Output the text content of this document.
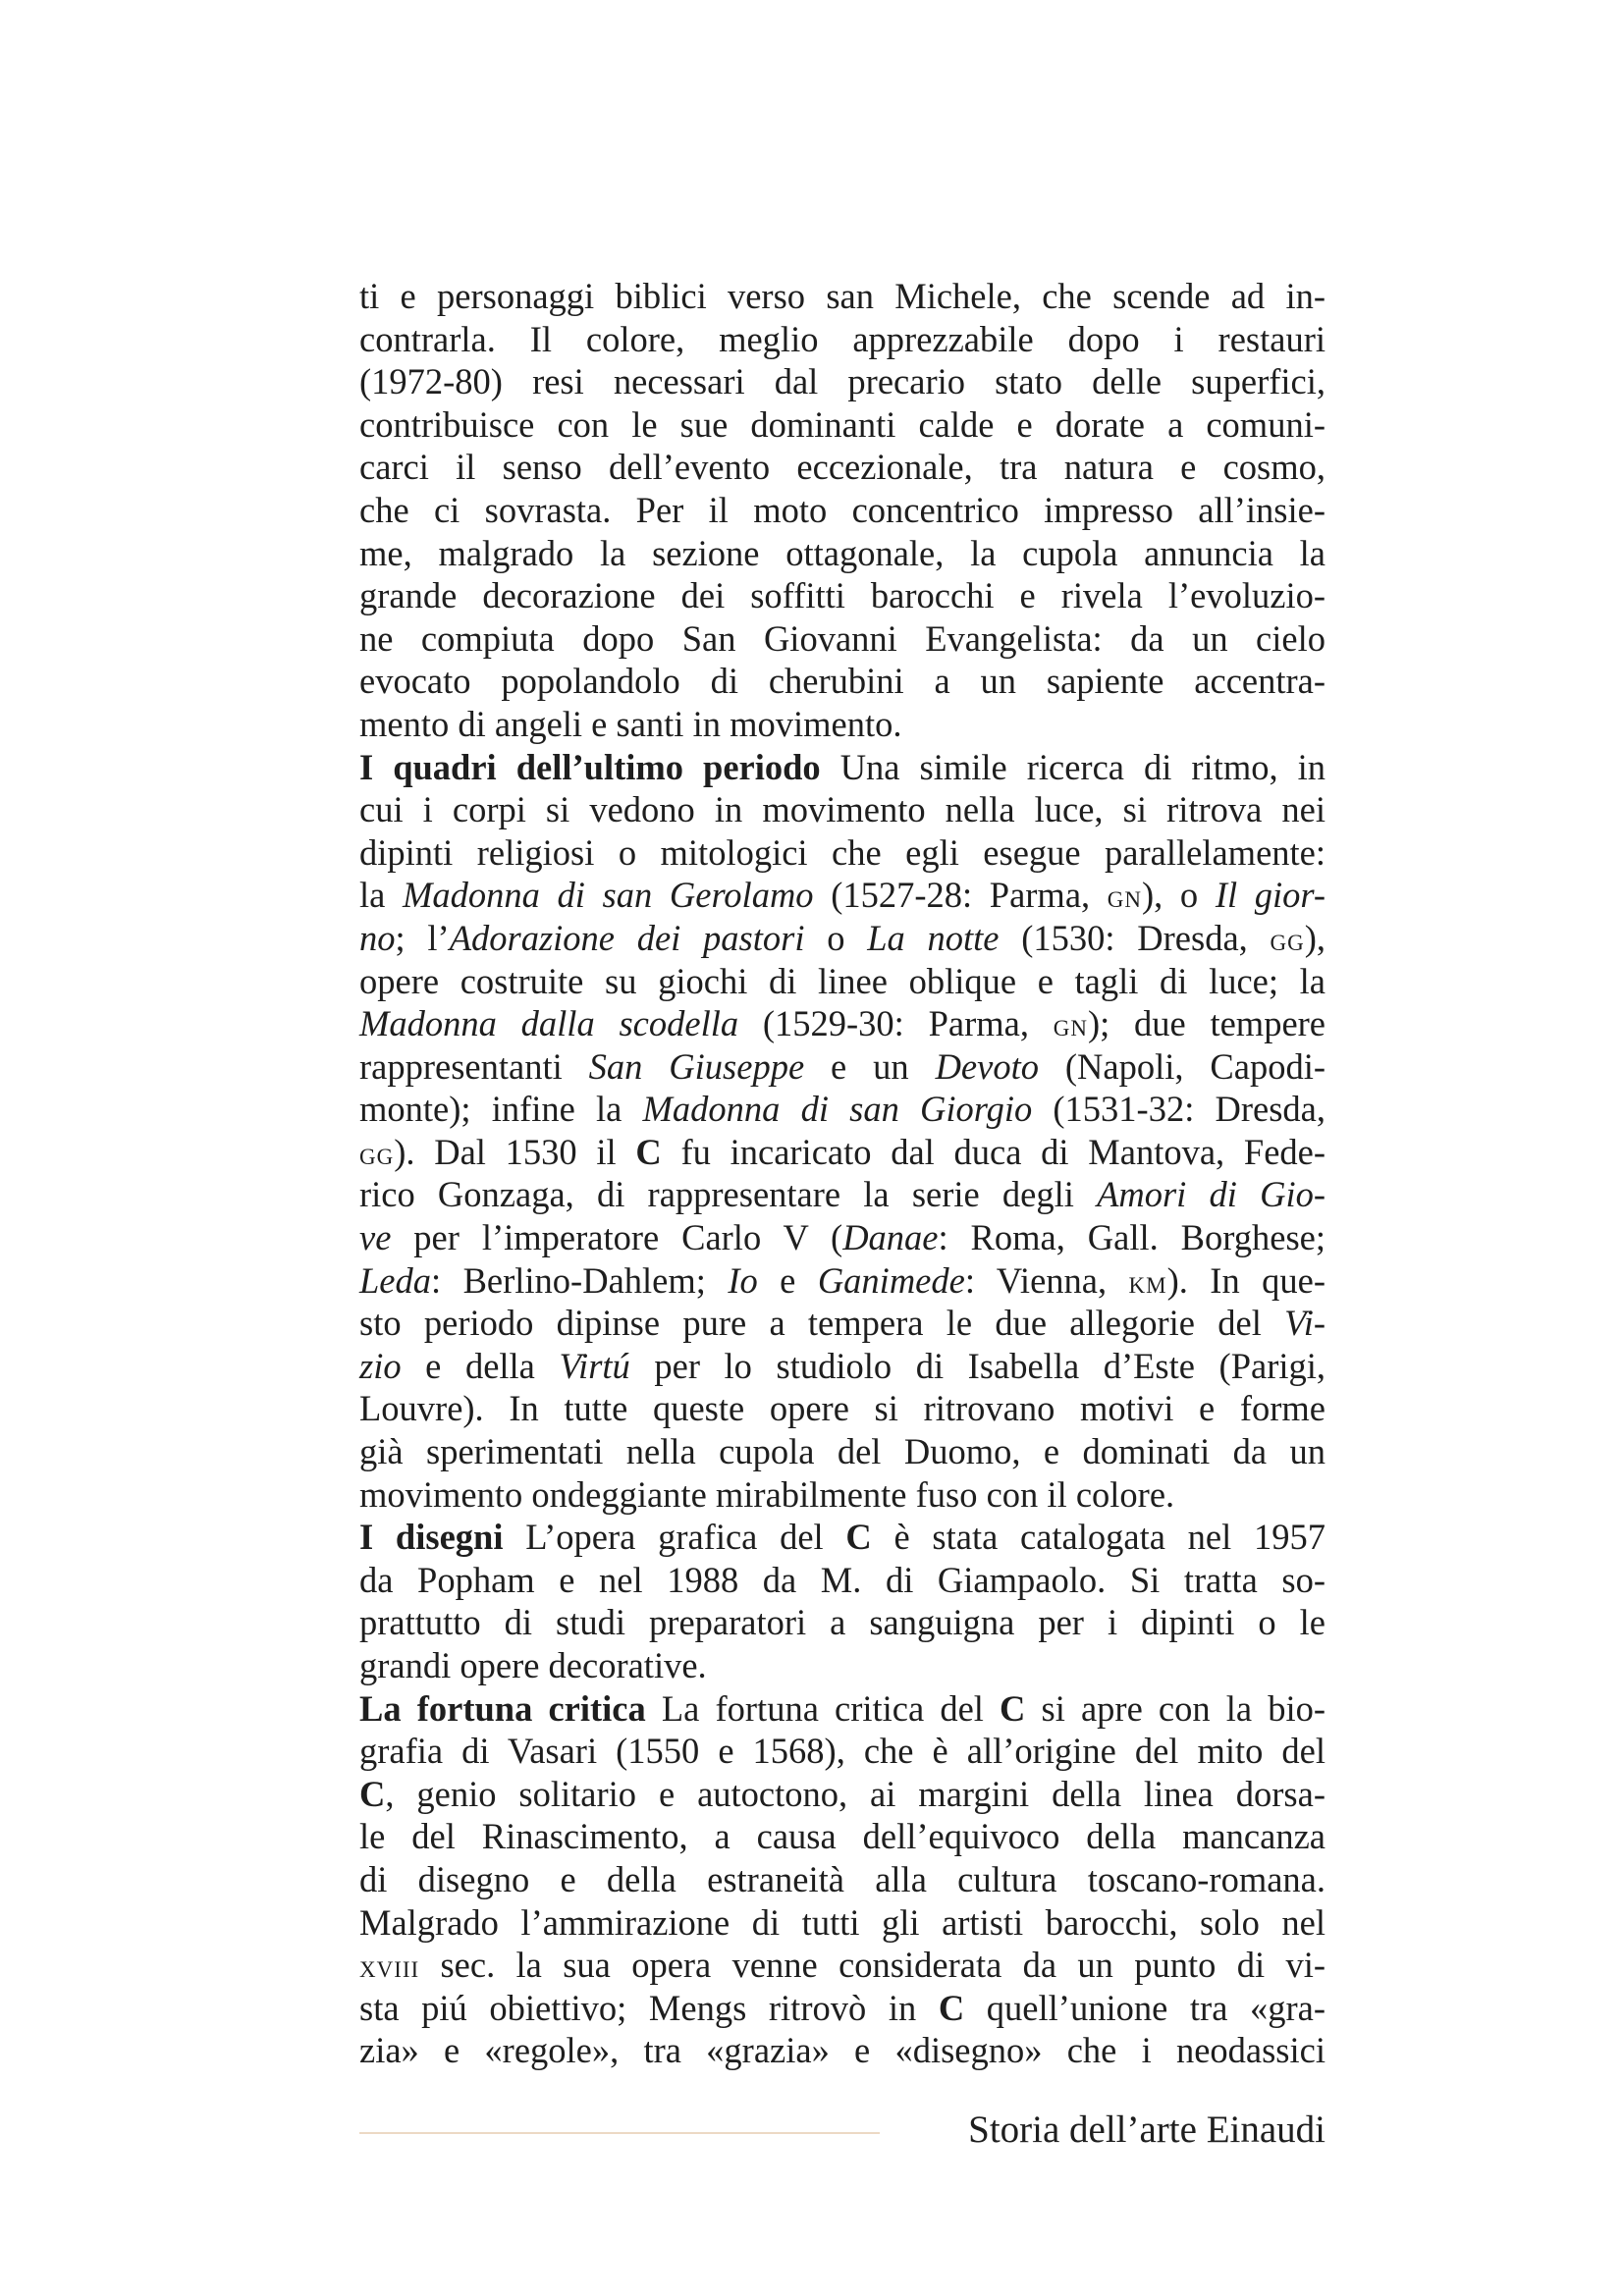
ti e personaggi biblici verso san Michele, che scende ad in-
contrarla. Il colore, meglio apprezzabile dopo i restauri
(1972-80) resi necessari dal precario stato delle superfici,
contribuisce con le sue dominanti calde e dorate a comuni-
carci il senso dell’evento eccezionale, tra natura e cosmo,
che ci sovrasta. Per il moto concentrico impresso all’insie-
me, malgrado la sezione ottagonale, la cupola annuncia la
grande decorazione dei soffitti barocchi e rivela l’evoluzio-
ne compiuta dopo San Giovanni Evangelista: da un cielo
evocato popolandolo di cherubini a un sapiente accentra-
mento di angeli e santi in movimento.
I quadri dell’ultimo periodo Una simile ricerca di ritmo, in
cui i corpi si vedono in movimento nella luce, si ritrova nei
dipinti religiosi o mitologici che egli esegue parallelamente:
la Madonna di san Gerolamo (1527-28: Parma, gn), o Il gior-
no; l’Adorazione dei pastori o La notte (1530: Dresda, gg),
opere costruite su giochi di linee oblique e tagli di luce; la
Madonna dalla scodella (1529-30: Parma, gn); due tempere
rappresentanti San Giuseppe e un Devoto (Napoli, Capodi-
monte); infine la Madonna di san Giorgio (1531-32: Dresda,
gg). Dal 1530 il C fu incaricato dal duca di Mantova, Fede-
rico Gonzaga, di rappresentare la serie degli Amori di Gio-
ve per l’imperatore Carlo V (Danae: Roma, Gall. Borghese;
Leda: Berlino-Dahlem; Io e Ganimede: Vienna, km). In que-
sto periodo dipinse pure a tempera le due allegorie del Vi-
zio e della Virtú per lo studiolo di Isabella d’Este (Parigi,
Louvre). In tutte queste opere si ritrovano motivi e forme
già sperimentati nella cupola del Duomo, e dominati da un
movimento ondeggiante mirabilmente fuso con il colore.
I disegni L’opera grafica del C è stata catalogata nel 1957
da Popham e nel 1988 da M. di Giampaolo. Si tratta so-
prattutto di studi preparatori a sanguigna per i dipinti o le
grandi opere decorative.
La fortuna critica La fortuna critica del C si apre con la bio-
grafia di Vasari (1550 e 1568), che è all’origine del mito del
C, genio solitario e autoctono, ai margini della linea dorsa-
le del Rinascimento, a causa dell’equivoco della mancanza
di disegno e della estraneità alla cultura toscano-romana.
Malgrado l’ammirazione di tutti gli artisti barocchi, solo nel
xviii sec. la sua opera venne considerata da un punto di vi-
sta piú obiettivo; Mengs ritrovò in C quell’unione tra «gra-
zia» e «regole», tra «grazia» e «disegno» che i neodassici
Storia dell’arte Einaudi
